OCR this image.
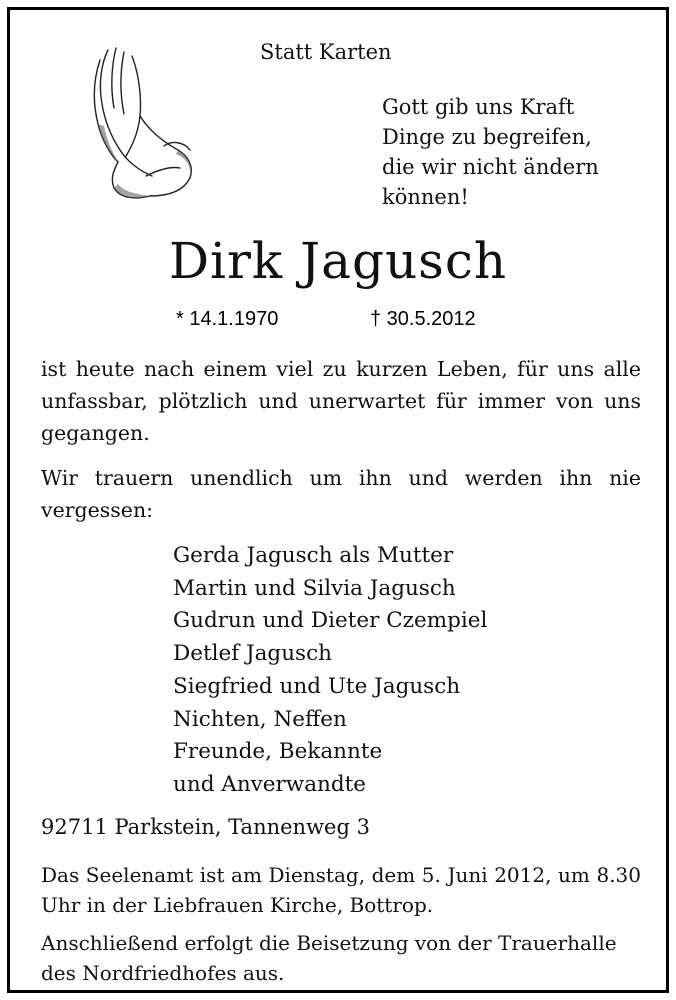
Statt Karten
Gott gib uns Kraft
Dinge zu begreifen,
die wir nicht ändern
können!
Dirk Jagusch
* 14.1.1970	† 30.5.2012
ist heute nach einem viel zu kurzen Leben, für uns alle unfassbar, plötzlich und unerwartet für immer von uns gegangen.
Wir trauern unendlich um ihn und werden ihn nie vergessen:
Gerda Jagusch als Mutter
Martin und Silvia Jagusch
Gudrun und Dieter Czempiel
Detlef Jagusch
Siegfried und Ute Jagusch
Nichten, Neffen
Freunde, Bekannte
und Anverwandte
92711 Parkstein, Tannenweg 3
Das Seelenamt ist am Dienstag, dem 5. Juni 2012, um 8.30 Uhr in der Liebfrauen Kirche, Bottrop.
Anschließend erfolgt die Beisetzung von der Trauerhalle des Nordfriedhofes aus.
